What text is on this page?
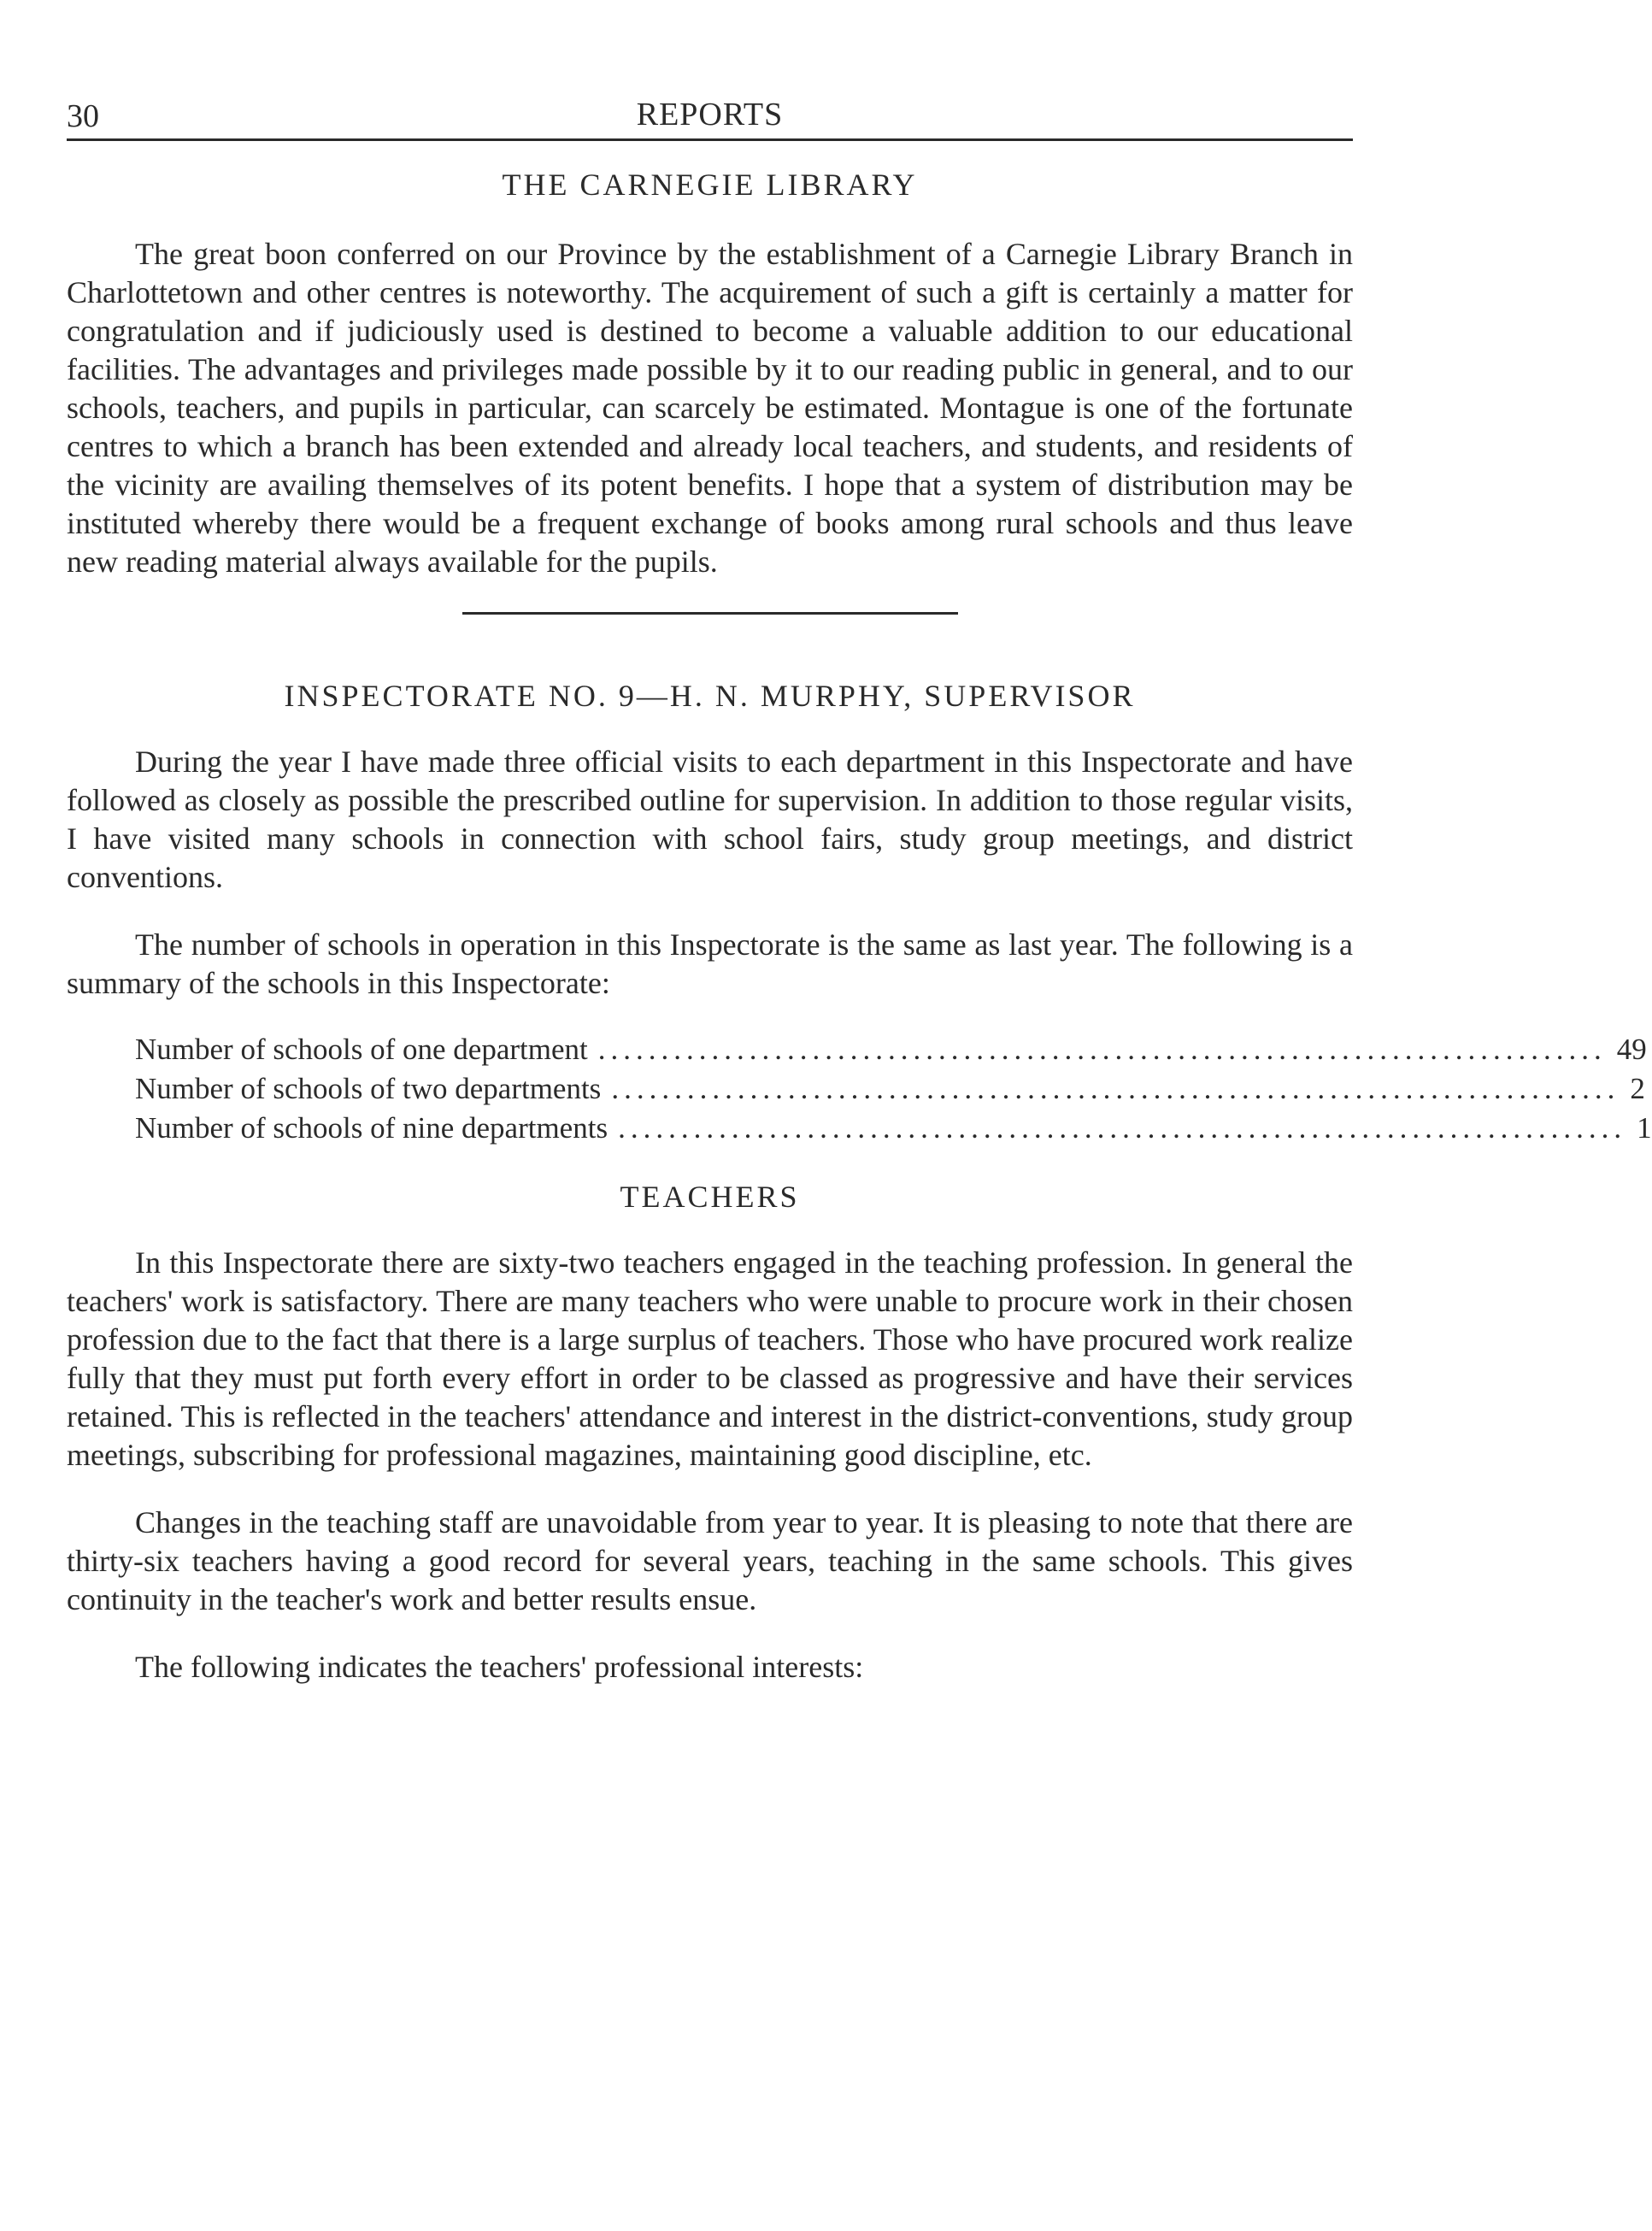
30	REPORTS
THE CARNEGIE LIBRARY

The great boon conferred on our Province by the establishment of a Carnegie Library Branch in Charlottetown and other centres is noteworthy. The acquirement of such a gift is certainly a matter for congratulation and if judiciously used is destined to become a valuable addition to our educational facilities. The advantages and privileges made possible by it to our reading public in general, and to our schools, teachers, and pupils in particular, can scarcely be estimated. Montague is one of the fortunate centres to which a branch has been extended and already local teachers, and students, and residents of the vicinity are availing themselves of its potent benefits. I hope that a system of distribution may be instituted whereby there would be a frequent exchange of books among rural schools and thus leave new reading material always available for the pupils.

INSPECTORATE NO. 9—H. N. MURPHY, SUPERVISOR

During the year I have made three official visits to each department in this Inspectorate and have followed as closely as possible the prescribed outline for supervision. In addition to those regular visits, I have visited many schools in connection with school fairs, study group meetings, and district conventions.

The number of schools in operation in this Inspectorate is the same as last year. The following is a summary of the schools in this Inspectorate:

Number of schools of one department ................................................................................ 49
Number of schools of two departments ................................................................................ 2
Number of schools of nine departments ................................................................................ 1
TEACHERS

In this Inspectorate there are sixty-two teachers engaged in the teaching profession. In general the teachers' work is satisfactory. There are many teachers who were unable to procure work in their chosen profession due to the fact that there is a large surplus of teachers. Those who have procured work realize fully that they must put forth every effort in order to be classed as progressive and have their services retained. This is reflected in the teachers' attendance and interest in the district-conventions, study group meetings, subscribing for professional magazines, maintaining good discipline, etc.

Changes in the teaching staff are unavoidable from year to year. It is pleasing to note that there are thirty-six teachers having a good record for several years, teaching in the same schools. This gives continuity in the teacher's work and better results ensue.

The following indicates the teachers' professional interests:
